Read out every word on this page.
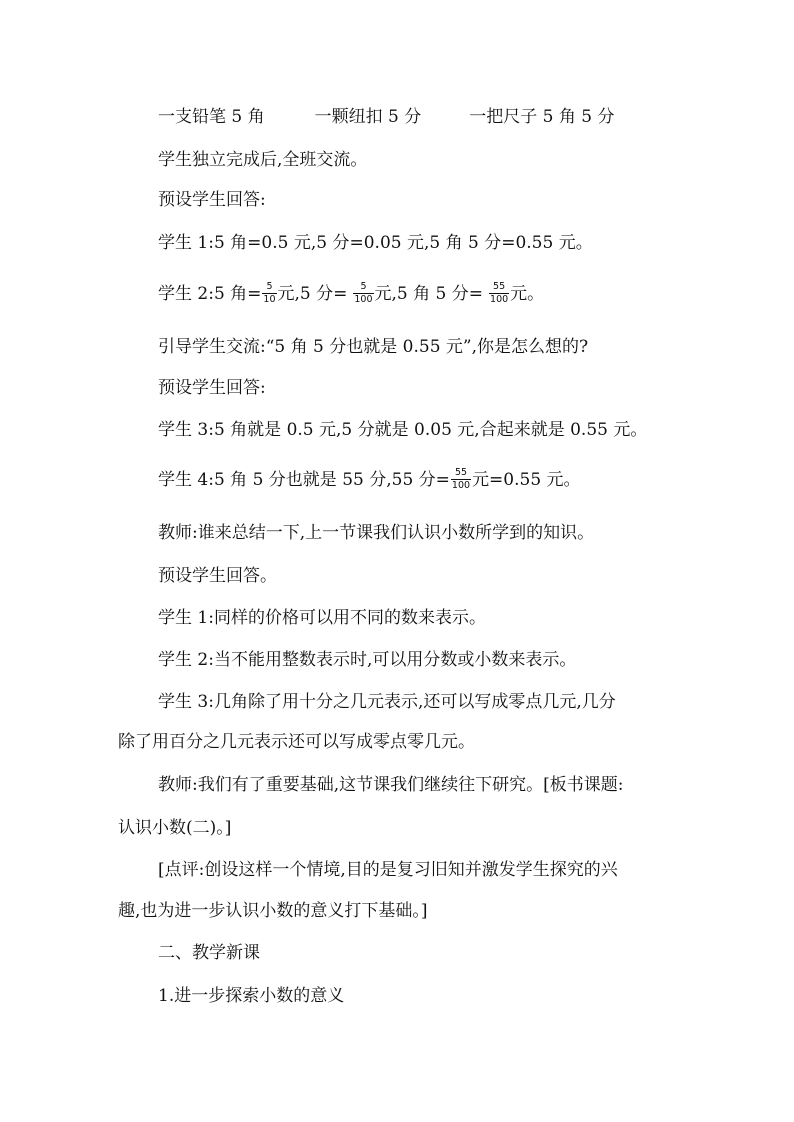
一支铅笔 5 角	一颗纽扣 5 分	一把尺子 5 角 5 分
学生独立完成后,全班交流。
预设学生回答:
学生 1:5 角=0.5 元,5 分=0.05 元,5 角 5 分=0.55 元。
学生 2:5 角= $\frac{5}{10}$ 元,5 分= $\frac{5}{100}$ 元,5 角 5 分= $\frac{55}{100}$ 元。
引导学生交流:“5 角 5 分也就是 0.55 元”,你是怎么想的?
预设学生回答:
学生 3:5 角就是 0.5 元,5 分就是 0.05 元,合起来就是 0.55 元。
学生 4:5 角 5 分也就是 55 分,55 分= $\frac{55}{100}$ 元=0.55 元。
教师:谁来总结一下,上一节课我们认识小数所学到的知识。
预设学生回答。
学生 1:同样的价格可以用不同的数来表示。
学生 2:当不能用整数表示时,可以用分数或小数来表示。
学生 3:几角除了用十分之几元表示,还可以写成零点几元,几分
除了用百分之几元表示还可以写成零点零几元。
教师:我们有了重要基础,这节课我们继续往下研究。[板书课题:
认识小数(二)。]
[点评:创设这样一个情境,目的是复习旧知并激发学生探究的兴
趣,也为进一步认识小数的意义打下基础。]
二、教学新课
1.进一步探索小数的意义
